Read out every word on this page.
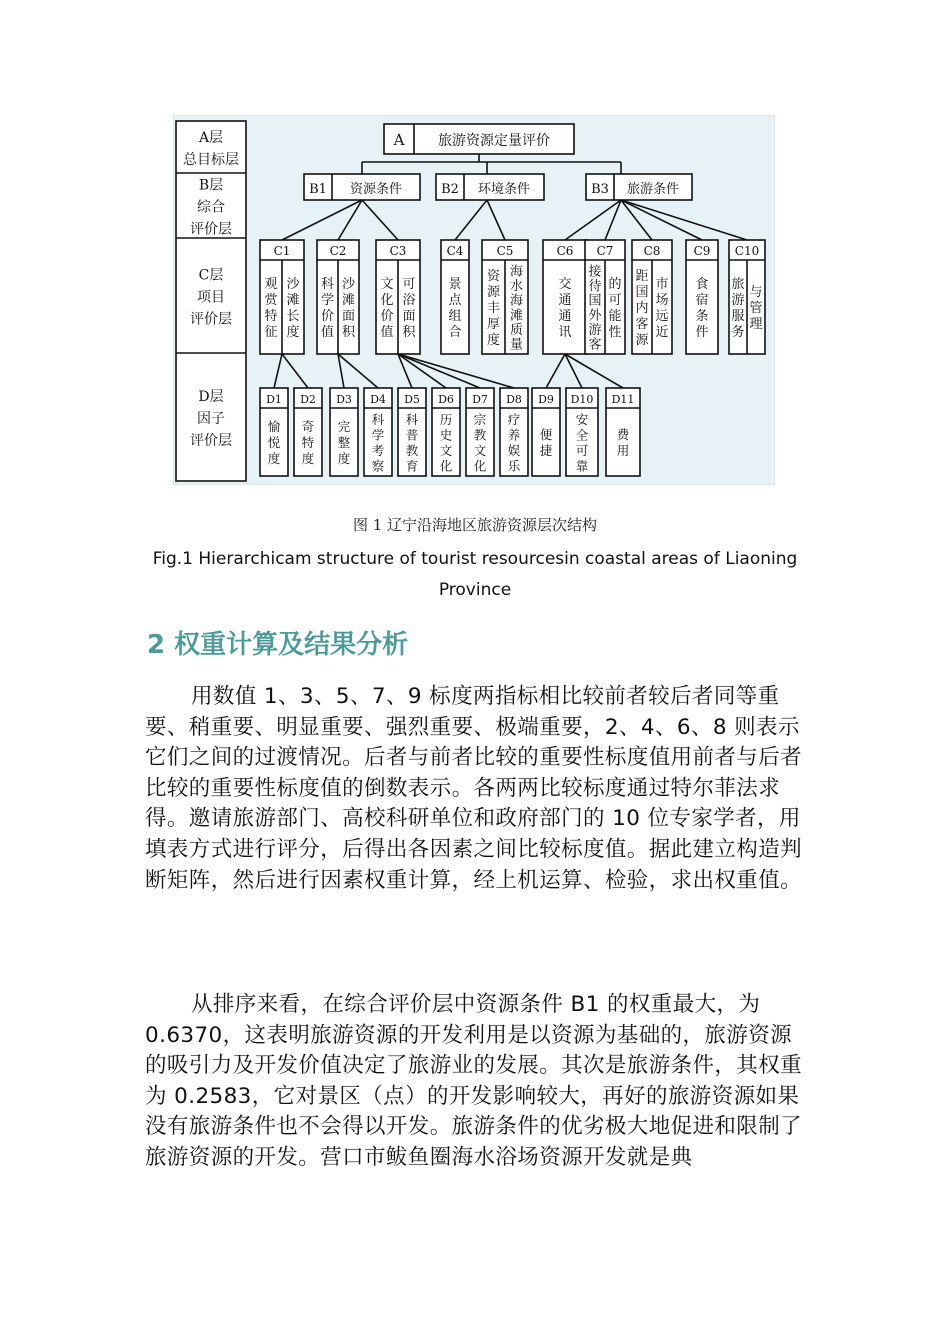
A层
总目标层
B层
综合
评价层
C层
项目
评价层
D层
因子
评价层
A 旅游资源定量评价
B1 资源条件	B2 环境条件	B3 旅游条件
C1
观赏特征
沙滩长度
C2
科学价值
沙滩面积
C3
文化价值
可浴面积
C4
景点组合
C5
资源丰厚度
海水海滩质量
C6
交通通讯
C7
接待国外游客
的可能性
C8
距国内客源
市场远近
C9
食宿条件
C10
旅游服务
与管理
D1
愉悦度
D2
奇特度
D3
完整度
D4
科学考察
D5
科普教育
D6
历史文化
D7
宗教文化
D8
疗养娱乐
D9
便捷
D10
安全可靠
D11
费用
图 1 辽宁沿海地区旅游资源层次结构
Fig.1 Hierarchicam structure of tourist resourcesin coastal areas of Liaoning Province
2 权重计算及结果分析

用数值 1、3、5、7、9 标度两指标相比较前者较后者同等重要、稍重要、明显重要、强烈重要、极端重要，2、4、6、8 则表示它们之间的过渡情况。后者与前者比较的重要性标度值用前者与后者比较的重要性标度值的倒数表示。各两两比较标度通过特尔菲法求得。邀请旅游部门、高校科研单位和政府部门的 10 位专家学者，用填表方式进行评分，后得出各因素之间比较标度值。据此建立构造判断矩阵，然后进行因素权重计算，经上机运算、检验，求出权重值。

从排序来看，在综合评价层中资源条件 B1 的权重最大，为 0.6370，这表明旅游资源的开发利用是以资源为基础的，旅游资源的吸引力及开发价值决定了旅游业的发展。其次是旅游条件，其权重为 0.2583，它对景区（点）的开发影响较大，再好的旅游资源如果没有旅游条件也不会得以开发。旅游条件的优劣极大地促进和限制了旅游资源的开发。营口市鲅鱼圈海水浴场资源开发就是典
